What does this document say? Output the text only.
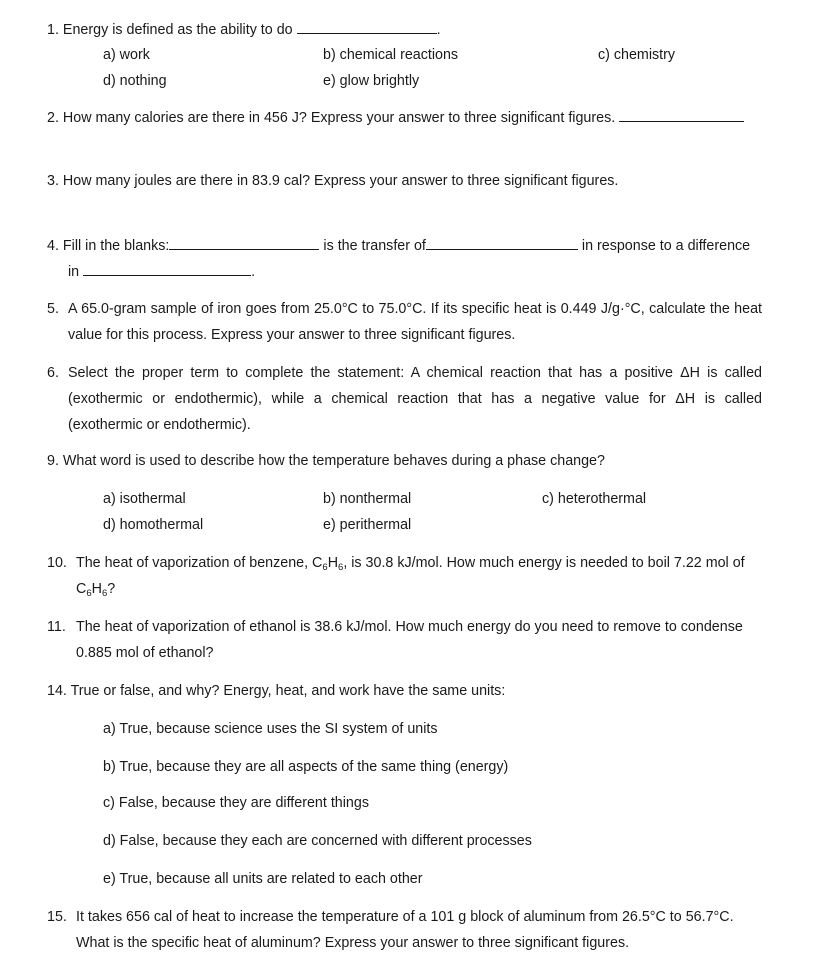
1. Energy is defined as the ability to do	.
a) work	b) chemical reactions	c) chemistry
d) nothing	e) glow brightly
2. How many calories are there in 456 J? Express your answer to three significant figures.
3. How many joules are there in 83.9 cal? Express your answer to three significant figures.
4. Fill in the blanks:	is the transfer of	in response to a difference
in	.
5. A 65.0-gram sample of iron goes from 25.0°C to 75.0°C. If its specific heat is 0.449 J/g·°C, calculate the heat
value for this process. Express your answer to three significant figures.
6. Select the proper term to complete the statement: A chemical reaction that has a positive ΔH is called
(exothermic or endothermic), while a chemical reaction that has a negative value for ΔH is called
(exothermic or endothermic).
9. What word is used to describe how the temperature behaves during a phase change?
a) isothermal	b) nonthermal	c) heterothermal
d) homothermal	e) perithermal
10. The heat of vaporization of benzene, $C_6H_6$, is 30.8 kJ/mol. How much energy is needed to boil 7.22 mol of
$C_6H_6$?
11. The heat of vaporization of ethanol is 38.6 kJ/mol. How much energy do you need to remove to condense
0.885 mol of ethanol?
14. True or false, and why? Energy, heat, and work have the same units:
a) True, because science uses the SI system of units
b) True, because they are all aspects of the same thing (energy)
c) False, because they are different things
d) False, because they each are concerned with different processes
e) True, because all units are related to each other
15. It takes 656 cal of heat to increase the temperature of a 101 g block of aluminum from 26.5°C to 56.7°C.
What is the specific heat of aluminum? Express your answer to three significant figures.
